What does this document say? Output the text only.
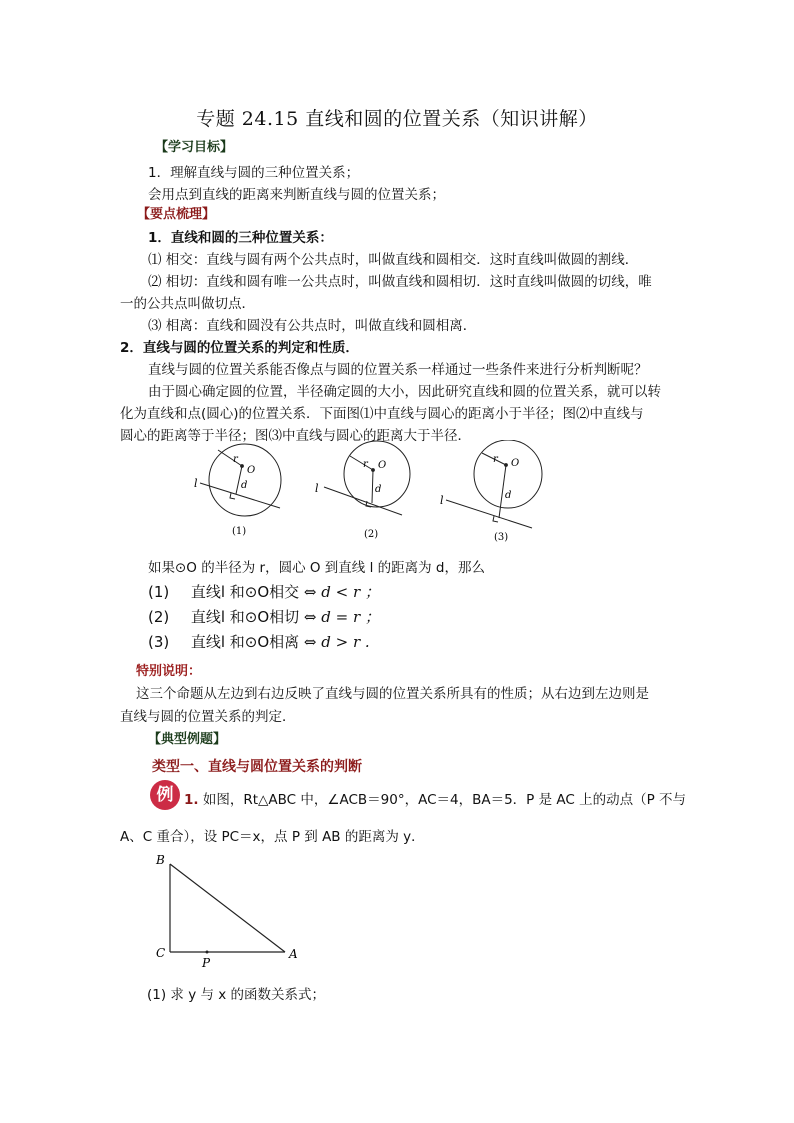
专题 24.15 直线和圆的位置关系（知识讲解）
【学习目标】
1．理解直线与圆的三种位置关系；
会用点到直线的距离来判断直线与圆的位置关系；
【要点梳理】
1．直线和圆的三种位置关系：
⑴ 相交：直线与圆有两个公共点时，叫做直线和圆相交．这时直线叫做圆的割线．
⑵ 相切：直线和圆有唯一公共点时，叫做直线和圆相切．这时直线叫做圆的切线，唯
一的公共点叫做切点．
⑶ 相离：直线和圆没有公共点时，叫做直线和圆相离．
2．直线与圆的位置关系的判定和性质．
直线与圆的位置关系能否像点与圆的位置关系一样通过一些条件来进行分析判断呢？
由于圆心确定圆的位置，半径确定圆的大小，因此研究直线和圆的位置关系，就可以转
化为直线和点(圆心)的位置关系．下面图⑴中直线与圆心的距离小于半径；图⑵中直线与
圆心的距离等于半径；图⑶中直线与圆心的距离大于半径．
r
O
d
l
(1)
r O
d
l
(2)
r O
d
l
(3)
如果⊙O 的半径为 r，圆心 O 到直线 l 的距离为 d，那么
(1) 直线l 和⊙O相交 ⇔ d < r ；
(2) 直线l 和⊙O相切 ⇔ d = r ；
(3) 直线l 和⊙O相离 ⇔ d > r .
特别说明：
这三个命题从左边到右边反映了直线与圆的位置关系所具有的性质；从右边到左边则是
直线与圆的位置关系的判定．
【典型例题】
类型一、直线与圆位置关系的判断
例 1. 如图，Rt△ABC 中，∠ACB＝90°，AC＝4，BA＝5．P 是 AC 上的动点（P 不与
A、C 重合），设 PC＝x，点 P 到 AB 的距离为 y．
B
C	A
P
(1) 求 y 与 x 的函数关系式；
